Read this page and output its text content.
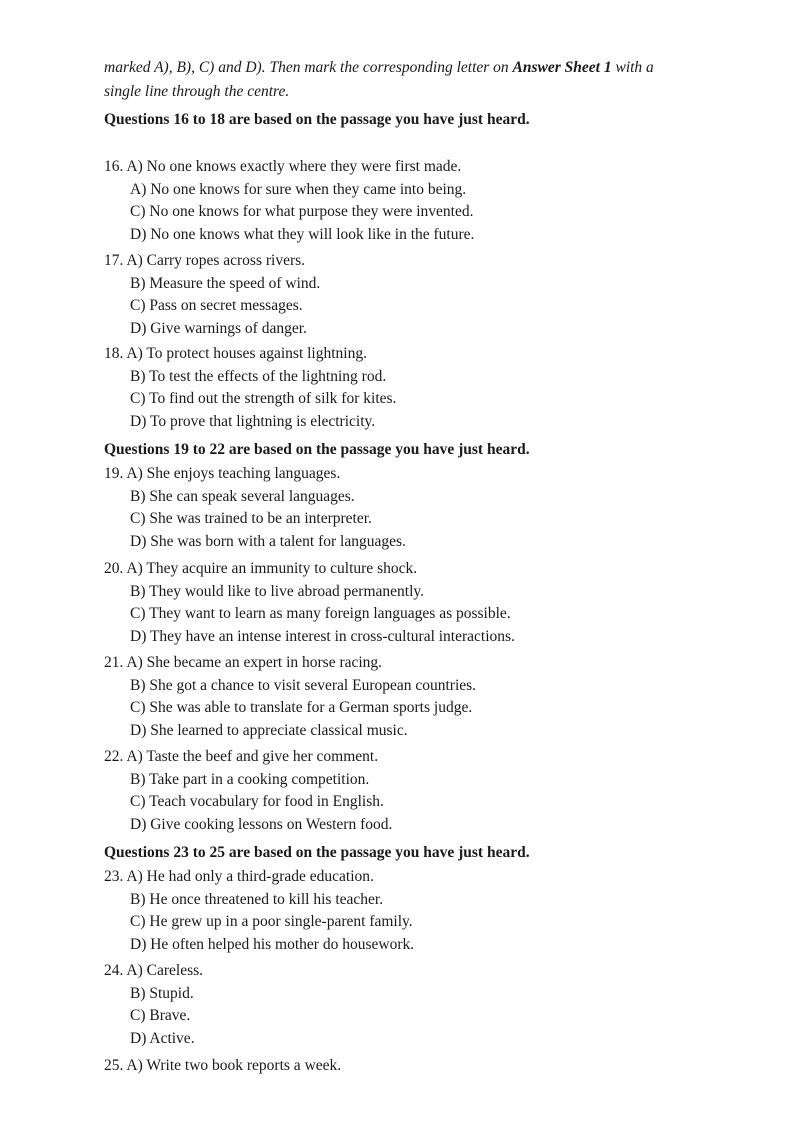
marked A), B), C) and D). Then mark the corresponding letter on Answer Sheet 1 with a
single line through the centre.
Questions 16 to 18 are based on the passage you have just heard.
16. A) No one knows exactly where they were first made.
A) No one knows for sure when they came into being.
C) No one knows for what purpose they were invented.
D) No one knows what they will look like in the future.
17. A) Carry ropes across rivers.
B) Measure the speed of wind.
C) Pass on secret messages.
D) Give warnings of danger.
18. A) To protect houses against lightning.
B) To test the effects of the lightning rod.
C) To find out the strength of silk for kites.
D) To prove that lightning is electricity.
Questions 19 to 22 are based on the passage you have just heard.
19. A) She enjoys teaching languages.
B) She can speak several languages.
C) She was trained to be an interpreter.
D) She was born with a talent for languages.
20. A) They acquire an immunity to culture shock.
B) They would like to live abroad permanently.
C) They want to learn as many foreign languages as possible.
D) They have an intense interest in cross-cultural interactions.
21. A) She became an expert in horse racing.
B) She got a chance to visit several European countries.
C) She was able to translate for a German sports judge.
D) She learned to appreciate classical music.
22. A) Taste the beef and give her comment.
B) Take part in a cooking competition.
C) Teach vocabulary for food in English.
D) Give cooking lessons on Western food.
Questions 23 to 25 are based on the passage you have just heard.
23. A) He had only a third-grade education.
B) He once threatened to kill his teacher.
C) He grew up in a poor single-parent family.
D) He often helped his mother do housework.
24. A) Careless.
B) Stupid.
C) Brave.
D) Active.
25. A) Write two book reports a week.
